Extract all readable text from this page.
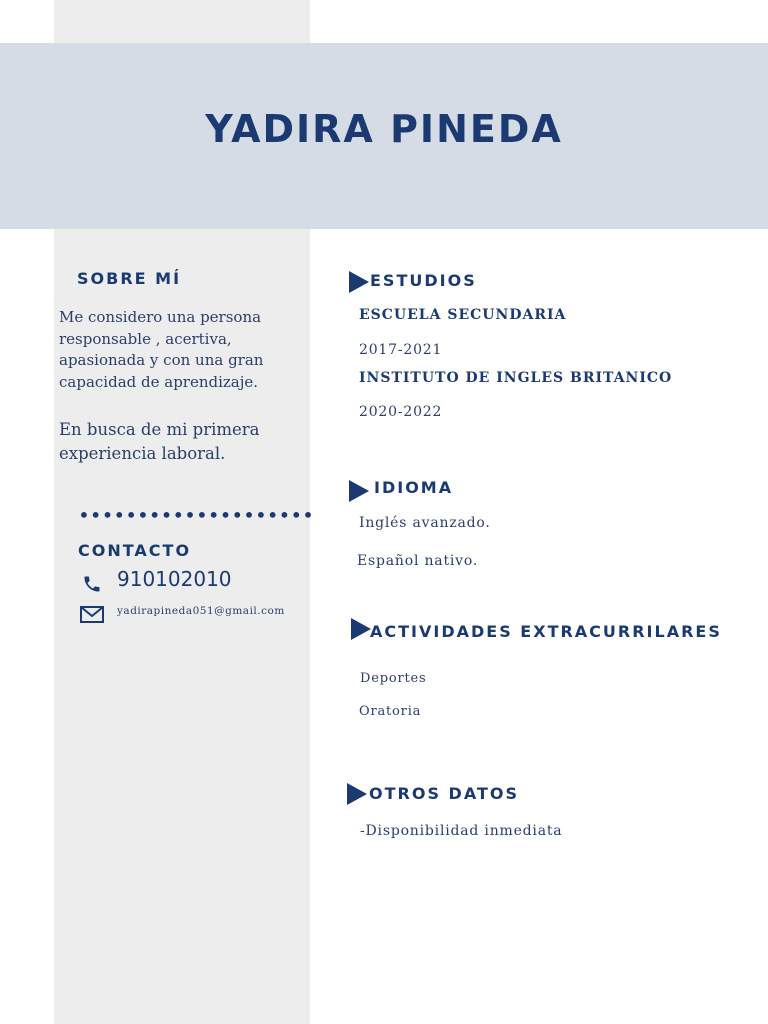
YADIRA PINEDA
SOBRE MÍ
Me considero una persona responsable , acertiva, apasionada y con una gran capacidad de aprendizaje.
En busca de mi primera experiencia laboral.
••••••••••••••••••••
CONTACTO
910102010
yadirapineda051@gmail.com
ESTUDIOS
ESCUELA SECUNDARIA
2017-2021
INSTITUTO DE INGLES BRITANICO
2020-2022
IDIOMA
Inglés avanzado.
Español nativo.
ACTIVIDADES EXTRACURRILARES
Deportes
Oratoria
OTROS DATOS
-Disponibilidad inmediata
